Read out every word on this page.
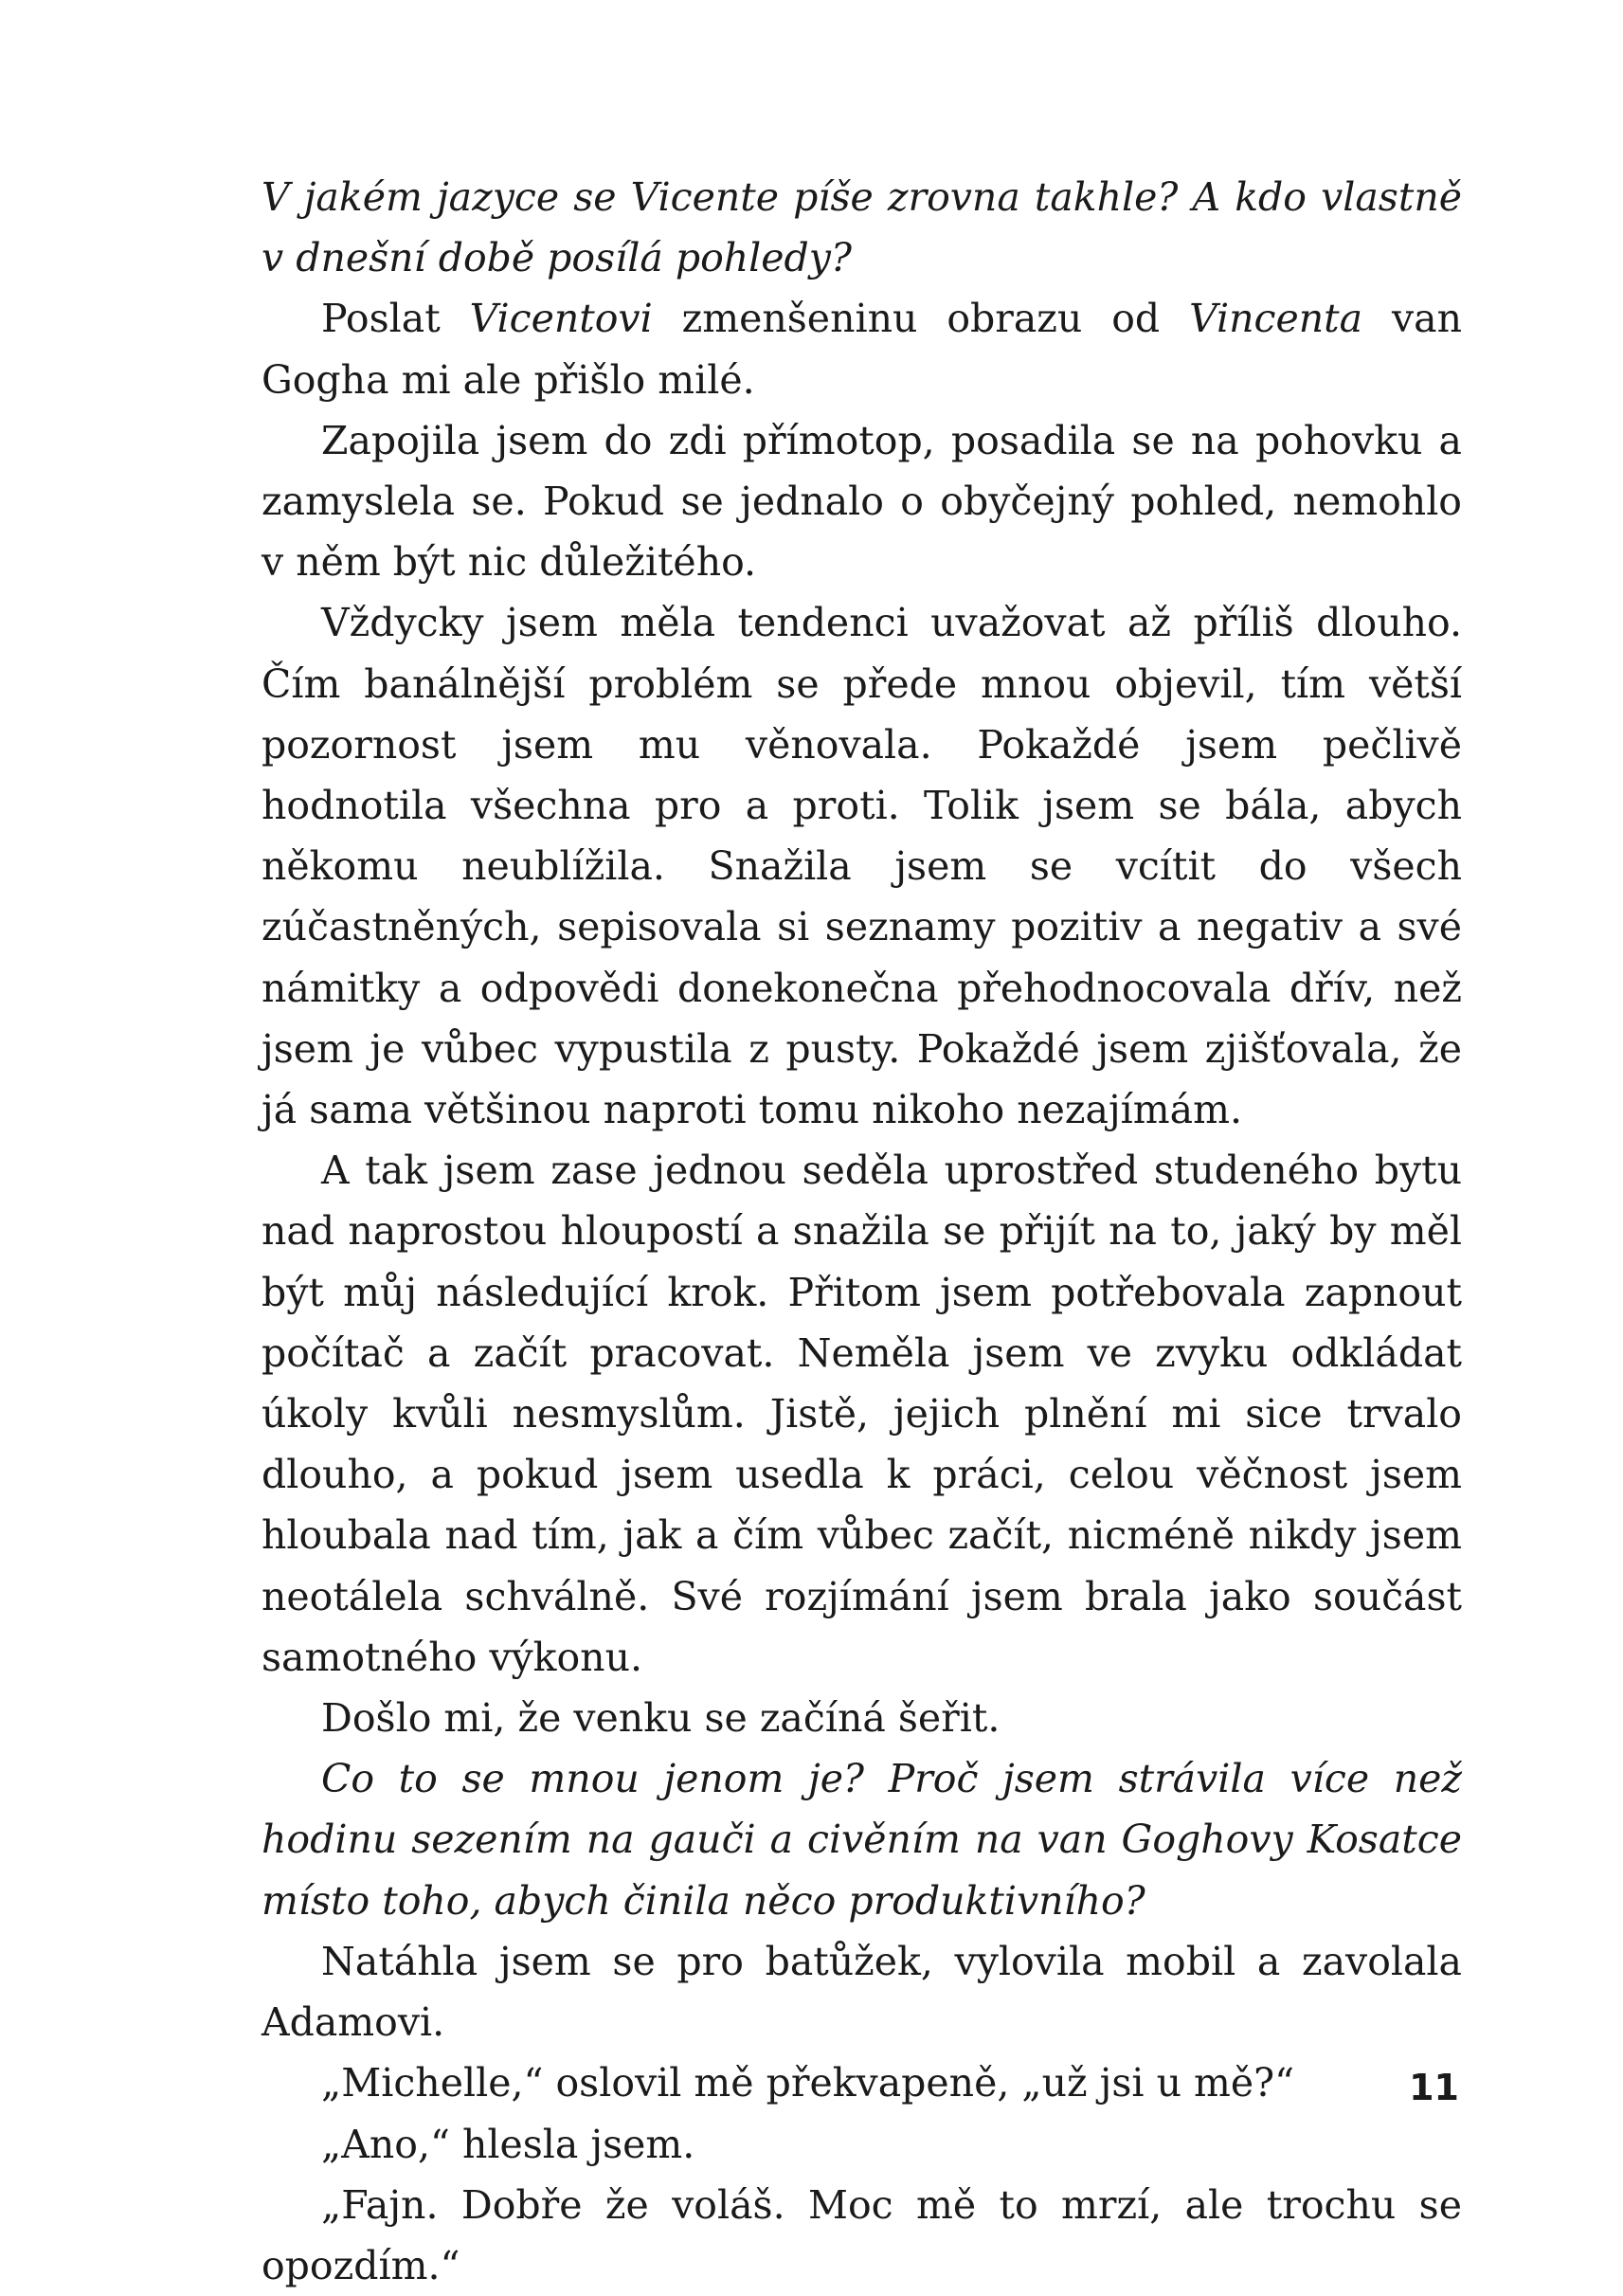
V jakém jazyce se Vicente píše zrovna takhle? A kdo vlastně v dnešní době posílá pohledy?

Poslat Vicentovi zmenšeninu obrazu od Vincenta van Gogha mi ale přišlo milé.

Zapojila jsem do zdi přímotop, posadila se na pohovku a zamyslela se. Pokud se jednalo o obyčejný pohled, nemohlo v něm být nic důležitého.

Vždycky jsem měla tendenci uvažovat až příliš dlouho. Čím banálnější problém se přede mnou objevil, tím větší pozornost jsem mu věnovala. Pokaždé jsem pečlivě hodnotila všechna pro a proti. Tolik jsem se bála, abych někomu neublížila. Snažila jsem se vcítit do všech zúčastněných, sepisovala si seznamy pozitiv a negativ a své námitky a odpovědi donekonečna přehodnocovala dřív, než jsem je vůbec vypustila z pusty. Pokaždé jsem zjišťovala, že já sama většinou naproti tomu nikoho nezajímám.

A tak jsem zase jednou seděla uprostřed studeného bytu nad naprostou hloupostí a snažila se přijít na to, jaký by měl být můj následující krok. Přitom jsem potřebovala zapnout počítač a začít pracovat. Neměla jsem ve zvyku odkládat úkoly kvůli nesmyslům. Jistě, jejich plnění mi sice trvalo dlouho, a pokud jsem usedla k práci, celou věčnost jsem hloubala nad tím, jak a čím vůbec začít, nicméně nikdy jsem neotálela schválně. Své rozjímání jsem brala jako součást samotného výkonu.

Došlo mi, že venku se začíná šeřit.

Co to se mnou jenom je? Proč jsem strávila více než hodinu sezením na gauči a civěním na van Goghovy Kosatce místo toho, abych činila něco produktivního?

Natáhla jsem se pro batůžek, vylovila mobil a zavolala Adamovi.

„Michelle,“ oslovil mě překvapeně, „už jsi u mě?“

„Ano,“ hlesla jsem.

„Fajn. Dobře že voláš. Moc mě to mrzí, ale trochu se opozdím.“

11
